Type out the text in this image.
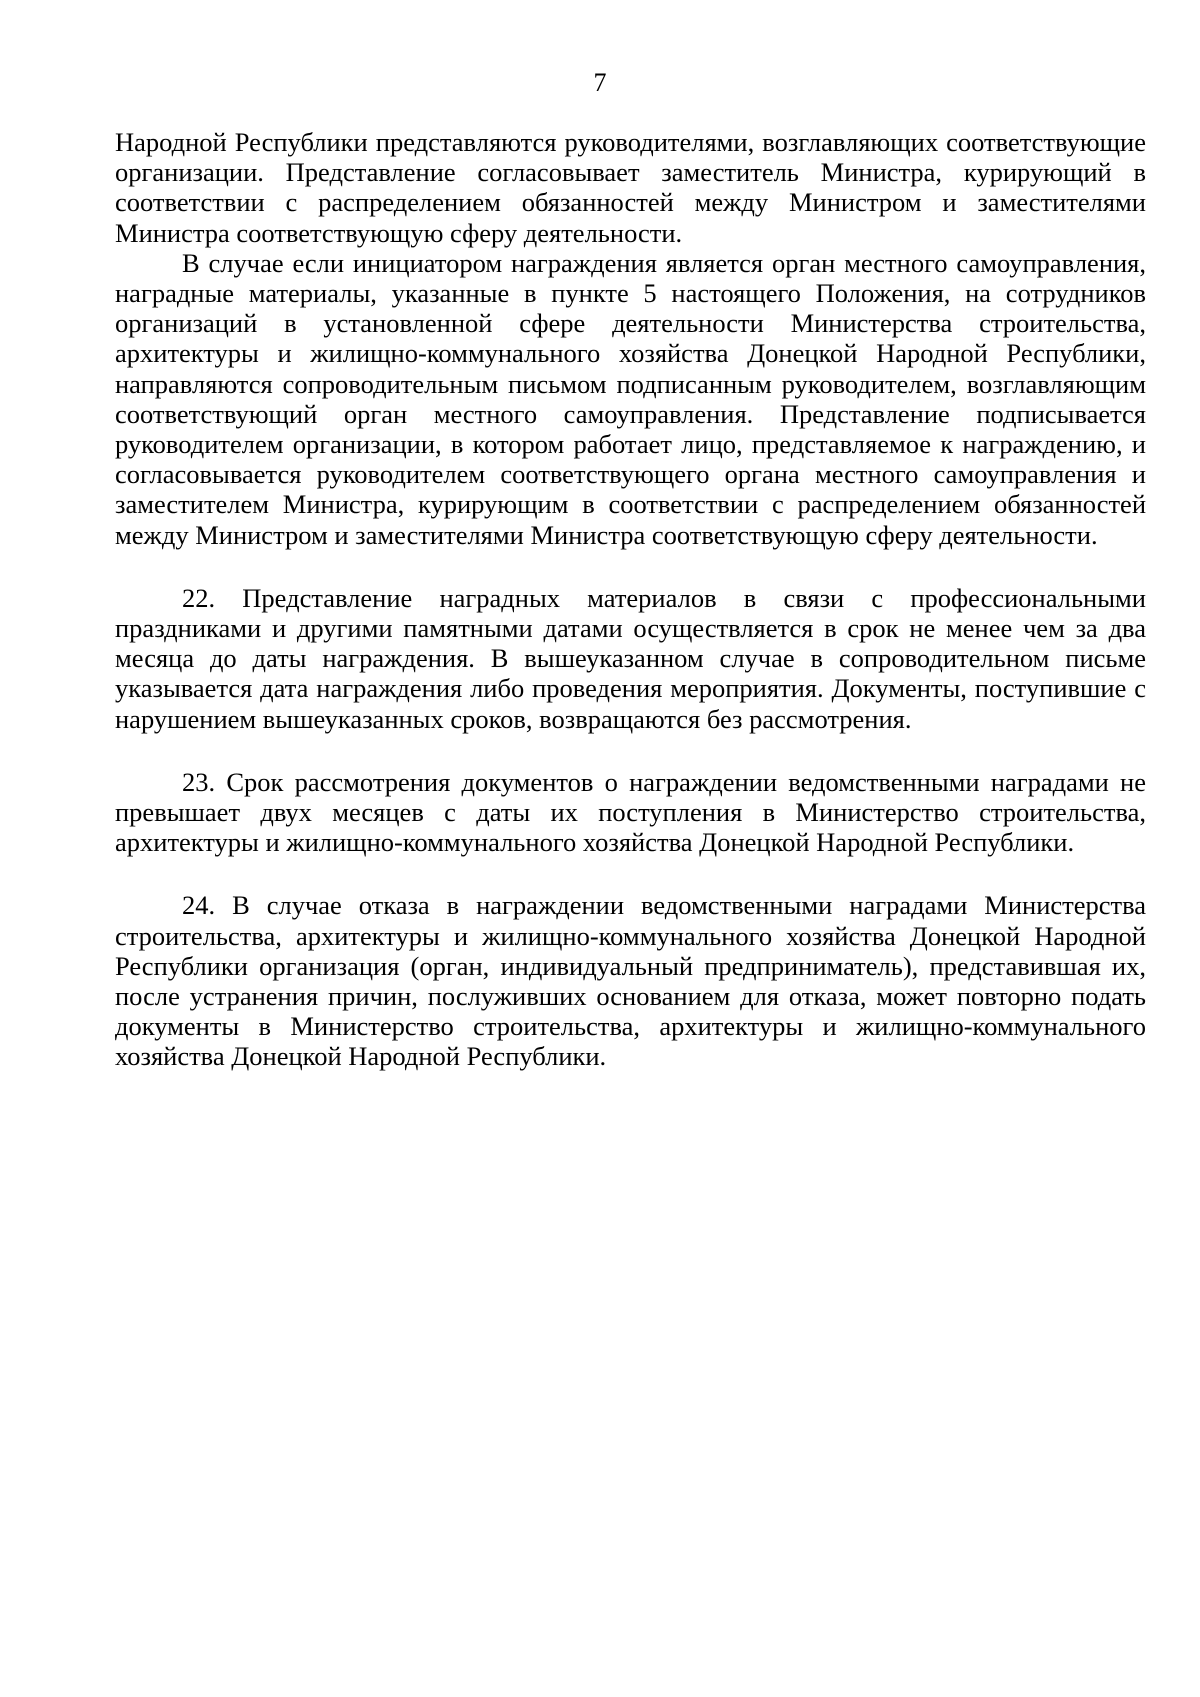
7

Народной Республики представляются руководителями, возглавляющих соответствующие организации. Представление согласовывает заместитель Министра, курирующий в соответствии с распределением обязанностей между Министром и заместителями Министра соответствующую сферу деятельности.

В случае если инициатором награждения является орган местного самоуправления, наградные материалы, указанные в пункте 5 настоящего Положения, на сотрудников организаций в установленной сфере деятельности Министерства строительства, архитектуры и жилищно-коммунального хозяйства Донецкой Народной Республики, направляются сопроводительным письмом подписанным руководителем, возглавляющим соответствующий орган местного самоуправления. Представление подписывается руководителем организации, в котором работает лицо, представляемое к награждению, и согласовывается руководителем соответствующего органа местного самоуправления и заместителем Министра, курирующим в соответствии с распределением обязанностей между Министром и заместителями Министра соответствующую сферу деятельности.

22. Представление наградных материалов в связи с профессиональными праздниками и другими памятными датами осуществляется в срок не менее чем за два месяца до даты награждения. В вышеуказанном случае в сопроводительном письме указывается дата награждения либо проведения мероприятия. Документы, поступившие с нарушением вышеуказанных сроков, возвращаются без рассмотрения.

23. Срок рассмотрения документов о награждении ведомственными наградами не превышает двух месяцев с даты их поступления в Министерство строительства, архитектуры и жилищно-коммунального хозяйства Донецкой Народной Республики.

24. В случае отказа в награждении ведомственными наградами Министерства строительства, архитектуры и жилищно-коммунального хозяйства Донецкой Народной Республики организация (орган, индивидуальный предприниматель), представившая их, после устранения причин, послуживших основанием для отказа, может повторно подать документы в Министерство строительства, архитектуры и жилищно-коммунального хозяйства Донецкой Народной Республики.
